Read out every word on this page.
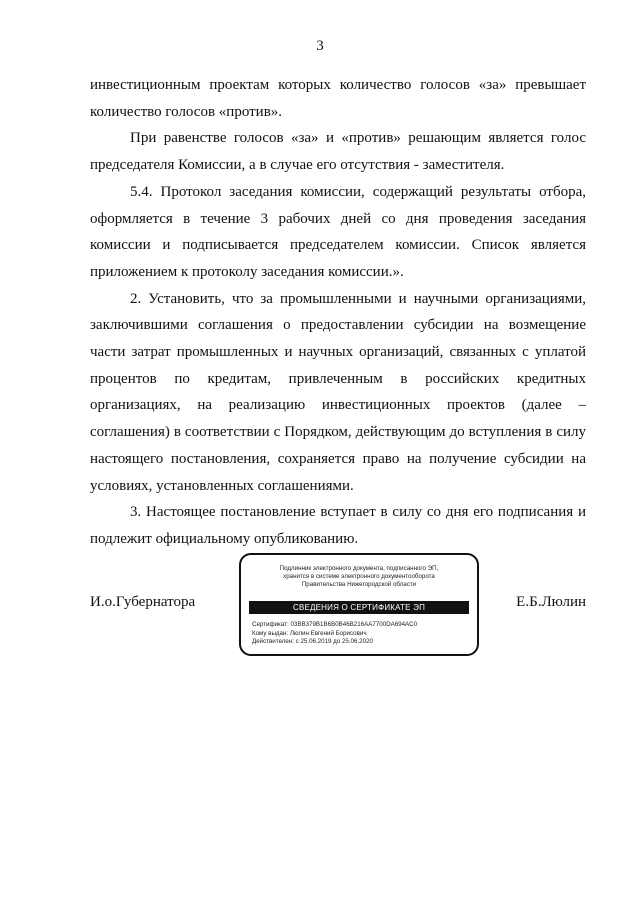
3

инвестиционным проектам которых количество голосов «за» превышает количество голосов «против».

При равенстве голосов «за» и «против» решающим является голос председателя Комиссии, а в случае его отсутствия - заместителя.

5.4. Протокол заседания комиссии, содержащий результаты отбора, оформляется в течение 3 рабочих дней со дня проведения заседания комиссии и подписывается председателем комиссии. Список является приложением к протоколу заседания комиссии.».

2. Установить, что за промышленными и научными организациями, заключившими соглашения о предоставлении субсидии на возмещение части затрат промышленных и научных организаций, связанных с уплатой процентов по кредитам, привлеченным в российских кредитных организациях, на реализацию инвестиционных проектов (далее – соглашения) в соответствии с Порядком, действующим до вступления в силу настоящего постановления, сохраняется право на получение субсидии на условиях, установленных соглашениями.

3. Настоящее постановление вступает в силу со дня его подписания и подлежит официальному опубликованию.

И.о.Губернатора
Подлинник электронного документа, подписанного ЭП,
хранится в системе электронного документооборота
Правительства Нижегородской области
СВЕДЕНИЯ О СЕРТИФИКАТЕ ЭП
Сертификат: 03BB379B1B6B0B46B216AA7700DA694AC0
Кому выдан: Люлин Евгений Борисович
Действителен: с 25.06.2019 до 25.06.2020
Е.Б.Люлин
